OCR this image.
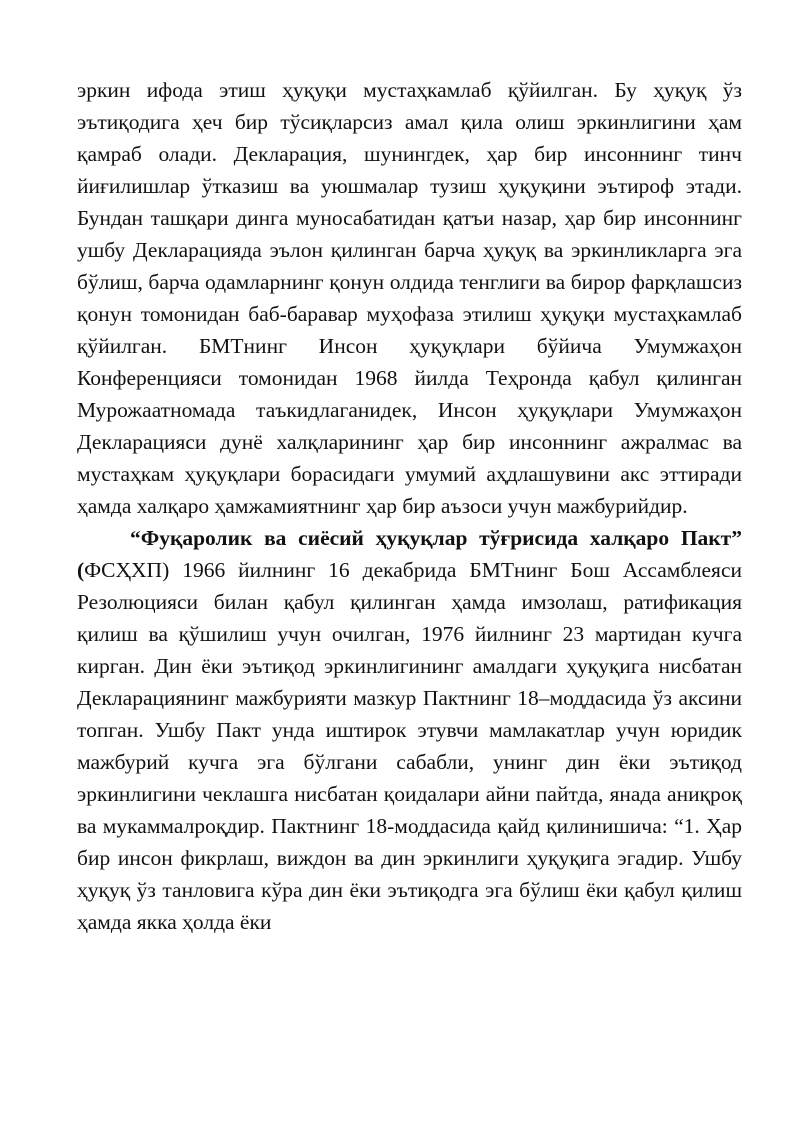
эркин ифода этиш ҳуқуқи мустаҳкамлаб қўйилган. Бу ҳуқуқ ўз эътиқодига ҳеч бир тўсиқларсиз амал қила олиш эркинлигини ҳам қамраб олади. Декларация, шунингдек, ҳар бир инсоннинг тинч йиғилишлар ўтказиш ва уюшмалар тузиш ҳуқуқини эътироф этади. Бундан ташқари динга муносабатидан қатъи назар, ҳар бир инсоннинг ушбу Декларацияда эълон қилинган барча ҳуқуқ ва эркинликларга эга бўлиш, барча одамларнинг қонун олдида тенглиги ва бирор фарқлашсиз қонун томонидан баб-баравар муҳофаза этилиш ҳуқуқи мустаҳкамлаб қўйилган. БМТнинг Инсон ҳуқуқлари бўйича Умумжаҳон Конференцияси томонидан 1968 йилда Теҳронда қабул қилинган Мурожаатномада таъкидлаганидек, Инсон ҳуқуқлари Умумжаҳон Декларацияси дунё халқларининг ҳар бир инсоннинг ажралмас ва мустаҳкам ҳуқуқлари борасидаги умумий аҳдлашувини акс эттиради ҳамда халқаро ҳамжамиятнинг ҳар бир аъзоси учун мажбурийдир.

“Фуқаролик ва сиёсий ҳуқуқлар тўғрисида халқаро Пакт” (ФСҲХП) 1966 йилнинг 16 декабрида БМТнинг Бош Ассамблеяси Резолюцияси билан қабул қилинган ҳамда имзолаш, ратификация қилиш ва қўшилиш учун очилган, 1976 йилнинг 23 мартидан кучга кирган. Дин ёки эътиқод эркинлигининг амалдаги ҳуқуқига нисбатан Декларациянинг мажбурияти мазкур Пактнинг 18–моддасида ўз аксини топган. Ушбу Пакт унда иштирок этувчи мамлакатлар учун юридик мажбурий кучга эга бўлгани сабабли, унинг дин ёки эътиқод эркинлигини чеклашга нисбатан қоидалари айни пайтда, янада аниқроқ ва мукаммалроқдир. Пактнинг 18-моддасида қайд қилинишича: “1. Ҳар бир инсон фикрлаш, виждон ва дин эркинлиги ҳуқуқига эгадир. Ушбу ҳуқуқ ўз танловига кўра дин ёки эътиқодга эга бўлиш ёки қабул қилиш ҳамда якка ҳолда ёки
